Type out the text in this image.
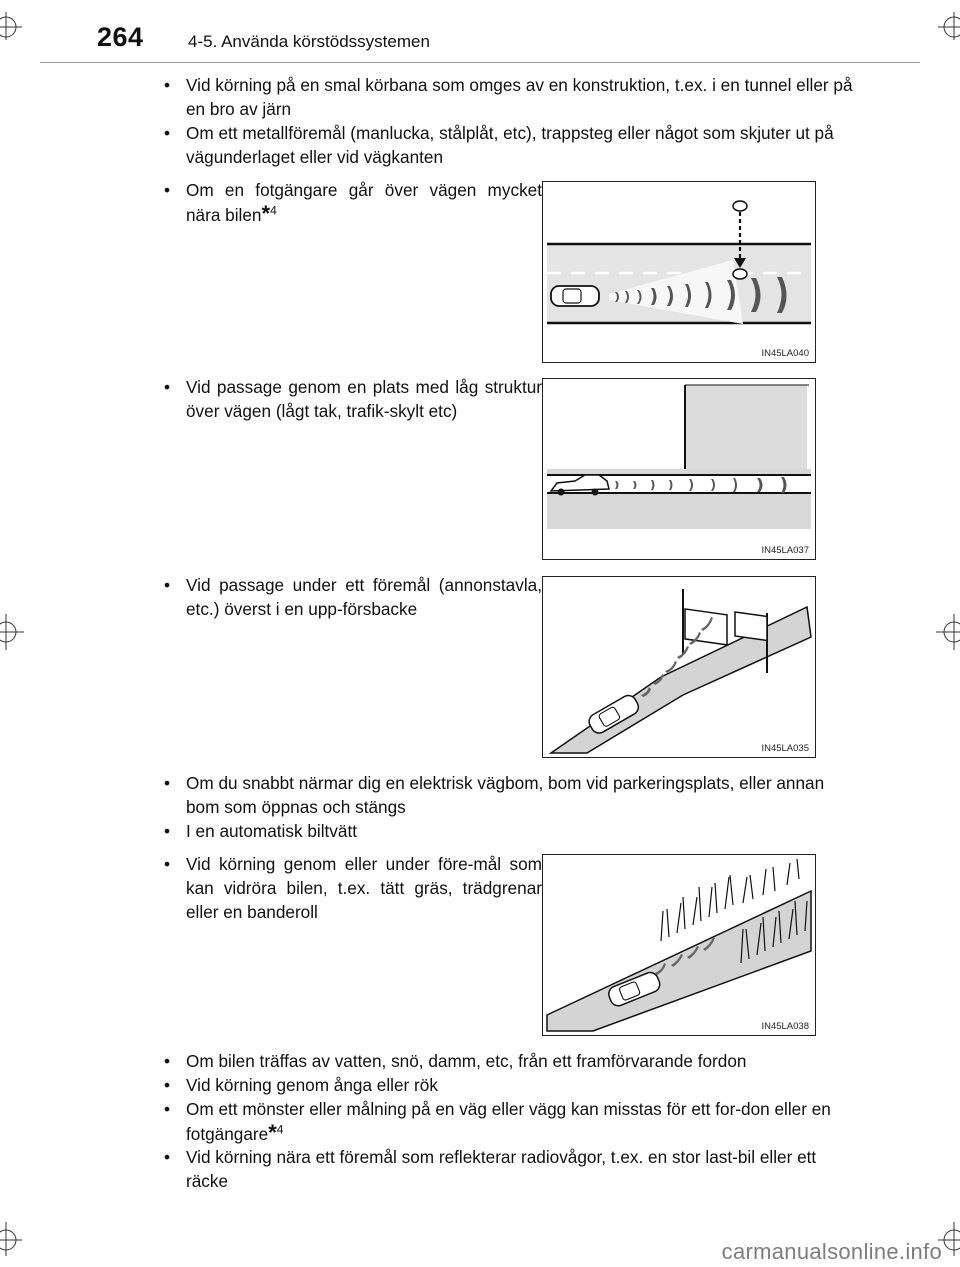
264	4-5. Använda körstödssystemen
• Vid körning på en smal körbana som omges av en konstruktion, t.ex. i en tunnel eller på en bro av järn
• Om ett metallföremål (manlucka, stålplåt, etc), trappsteg eller något som skjuter ut på vägunderlaget eller vid vägkanten
• Om en fotgängare går över vägen mycket nära bilen*$^4$
IN45LA040
• Vid passage genom en plats med låg struktur över vägen (lågt tak, trafik-skylt etc)
IN45LA037
• Vid passage under ett föremål (annonstavla, etc.) överst i en upp-försbacke
IN45LA035
• Om du snabbt närmar dig en elektrisk vägbom, bom vid parkeringsplats, eller annan bom som öppnas och stängs
• I en automatisk biltvätt
• Vid körning genom eller under före-mål som kan vidröra bilen, t.ex. tätt gräs, trädgrenar eller en banderoll
IN45LA038
• Om bilen träffas av vatten, snö, damm, etc, från ett framförvarande fordon
• Vid körning genom ånga eller rök
• Om ett mönster eller målning på en väg eller vägg kan misstas för ett for-don eller en fotgängare*$^4$
• Vid körning nära ett föremål som reflekterar radiovågor, t.ex. en stor last-bil eller ett räcke
carmanualsonline.info
